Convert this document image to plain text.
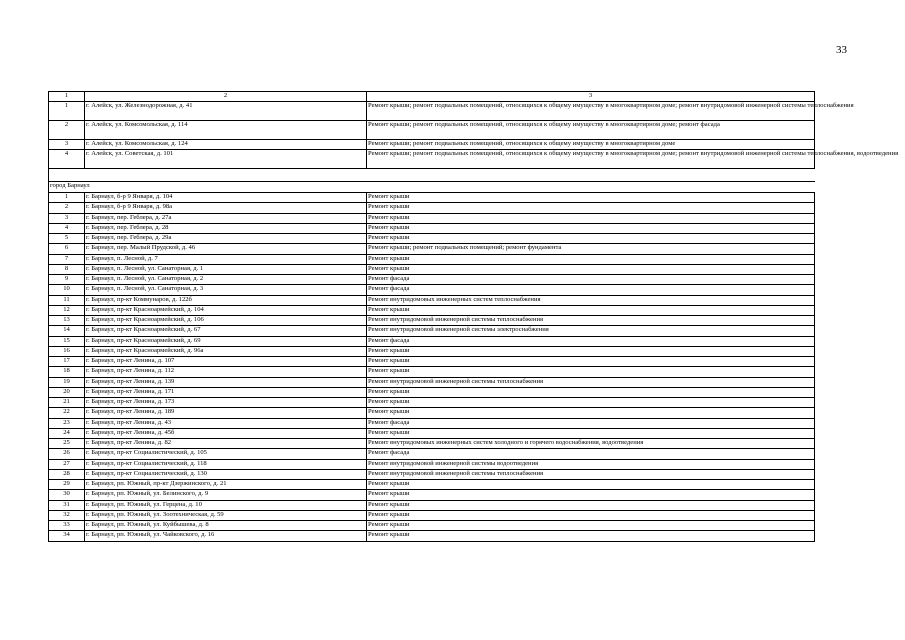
33
1	2	3
1	г. Алейск, ул. Железнодорожная, д. 41	Ремонт крыши; ремонт подвальных помещений, относящихся к общему имуществу в многоквартирном доме; ремонт внутридомовой инженерной системы теплоснабжения
2	г. Алейск, ул. Комсомольская, д. 114	Ремонт крыши; ремонт подвальных помещений, относящихся к общему имуществу в многоквартирном доме; ремонт фасада
3	г. Алейск, ул. Комсомольская, д. 124	Ремонт крыши; ремонт подвальных помещений, относящихся к общему имуществу в многоквартирном доме
4	г. Алейск, ул. Советская, д. 101	Ремонт крыши; ремонт подвальных помещений, относящихся к общему имуществу в многоквартирном доме; ремонт внутридомовой инженерной системы теплоснабжения, водоотведения

город Барнаул		
1	г. Барнаул, б-р 9 Января, д. 104	Ремонт крыши
2	г. Барнаул, б-р 9 Января, д. 98а	Ремонт крыши
3	г. Барнаул, пер. Геблера, д. 27а	Ремонт крыши
4	г. Барнаул, пер. Геблера, д. 28	Ремонт крыши
5	г. Барнаул, пер. Геблера, д. 29а	Ремонт крыши
6	г. Барнаул, пер. Малый Прудской, д. 46	Ремонт крыши; ремонт подвальных помещений; ремонт фундамента
7	г. Барнаул, п. Лесной, д. 7	Ремонт крыши
8	г. Барнаул, п. Лесной, ул. Санаторная, д. 1	Ремонт крыши
9	г. Барнаул, п. Лесной, ул. Санаторная, д. 2	Ремонт фасада
10	г. Барнаул, п. Лесной, ул. Санаторная, д. 3	Ремонт фасада
11	г. Барнаул, пр-кт Коммунаров, д. 122б	Ремонт внутридомовых инженерных систем теплоснабжения
12	г. Барнаул, пр-кт Красноармейский, д. 104	Ремонт крыши
13	г. Барнаул, пр-кт Красноармейский, д. 106	Ремонт внутридомовой инженерной системы теплоснабжения
14	г. Барнаул, пр-кт Красноармейский, д. 67	Ремонт внутридомовой инженерной системы электроснабжения
15	г. Барнаул, пр-кт Красноармейский, д. 69	Ремонт фасада
16	г. Барнаул, пр-кт Красноармейский, д. 96а	Ремонт крыши
17	г. Барнаул, пр-кт Ленина, д. 107	Ремонт крыши
18	г. Барнаул, пр-кт Ленина, д. 112	Ремонт крыши
19	г. Барнаул, пр-кт Ленина, д. 139	Ремонт внутридомовой инженерной системы теплоснабжения
20	г. Барнаул, пр-кт Ленина, д. 171	Ремонт крыши
21	г. Барнаул, пр-кт Ленина, д. 173	Ремонт крыши
22	г. Барнаул, пр-кт Ленина, д. 189	Ремонт крыши
23	г. Барнаул, пр-кт Ленина, д. 43	Ремонт фасада
24	г. Барнаул, пр-кт Ленина, д. 45б	Ремонт крыши
25	г. Барнаул, пр-кт Ленина, д. 82	Ремонт внутридомовых инженерных систем холодного и горячего водоснабжения, водоотведения
26	г. Барнаул, пр-кт Социалистический, д. 105	Ремонт фасада
27	г. Барнаул, пр-кт Социалистический, д. 118	Ремонт внутридомовой инженерной системы водоотведения
28	г. Барнаул, пр-кт Социалистический, д. 130	Ремонт внутридомовой инженерной системы теплоснабжения
29	г. Барнаул, рп. Южный, пр-кт Дзержинского, д. 21	Ремонт крыши
30	г. Барнаул, рп. Южный, ул. Белинского, д. 9	Ремонт крыши
31	г. Барнаул, рп. Южный, ул. Герцена, д. 10	Ремонт крыши
32	г. Барнаул, рп. Южный, ул. Зоотехническая, д. 59	Ремонт крыши
33	г. Барнаул, рп. Южный, ул. Куйбышева, д. 8	Ремонт крыши
34	г. Барнаул, рп. Южный, ул. Чайковского, д. 16	Ремонт крыши
